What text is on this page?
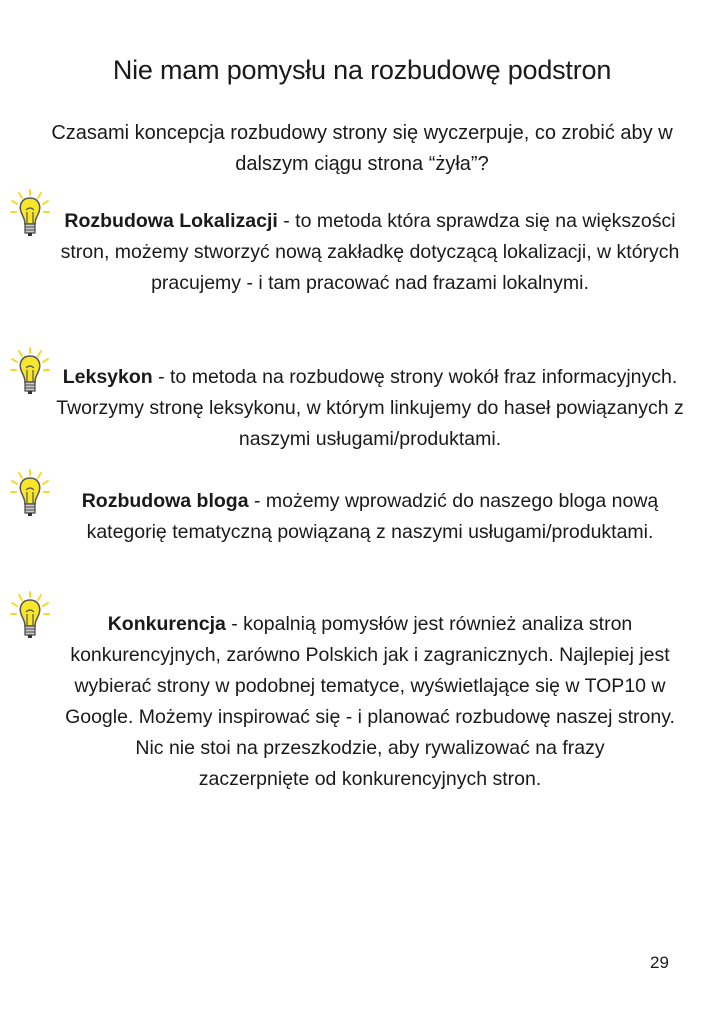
Nie mam pomysłu na rozbudowę podstron
Czasami koncepcja rozbudowy strony się wyczerpuje, co zrobić aby w dalszym ciągu strona “żyła”?
Rozbudowa Lokalizacji - to metoda która sprawdza się na większości stron, możemy stworzyć nową zakładkę dotyczącą lokalizacji, w których pracujemy - i tam pracować nad frazami lokalnymi.
Leksykon - to metoda na rozbudowę strony wokół fraz informacyjnych. Tworzymy stronę leksykonu, w którym linkujemy do haseł powiązanych z naszymi usługami/produktami.
Rozbudowa bloga - możemy wprowadzić do naszego bloga nową kategorię tematyczną powiązaną z naszymi usługami/produktami.
Konkurencja - kopalnią pomysłów jest również analiza stron konkurencyjnych, zarówno Polskich jak i zagranicznych. Najlepiej jest wybierać strony w podobnej tematyce, wyświetlające się w TOP10 w Google. Możemy inspirować się - i planować rozbudowę naszej strony.
Nic nie stoi na przeszkodzie, aby rywalizować na frazy zaczerpnięte od konkurencyjnych stron.
29
